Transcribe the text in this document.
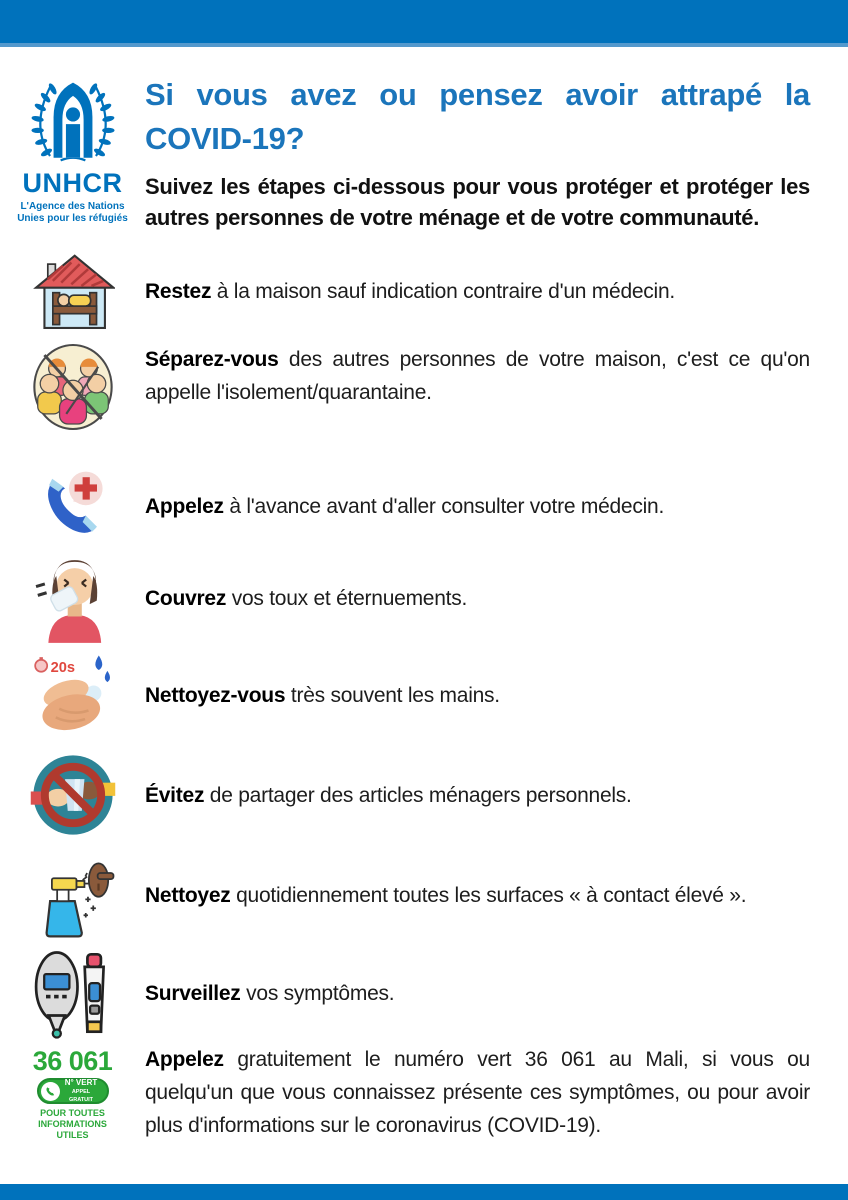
UNHCR
L'Agence des Nations
Unies pour les réfugiés
Si vous avez ou pensez avoir attrapé la COVID-19?
Suivez les étapes ci-dessous pour vous protéger et protéger les autres personnes de votre ménage et de votre communauté.
Restez à la maison sauf indication contraire d'un médecin.
Séparez-vous des autres personnes de votre maison, c'est ce qu'on appelle l'isolement/quarantaine.
Appelez à l'avance avant d'aller consulter votre médecin.
Couvrez vos toux et éternuements.
20s
Nettoyez-vous très souvent les mains.
Évitez de partager des articles ménagers personnels.
Nettoyez quotidiennement toutes les surfaces « à contact élevé ».
Surveillez vos symptômes.
36 061
N° VERT
APPEL GRATUIT
POUR TOUTES
INFORMATIONS UTILES
Appelez gratuitement le numéro vert 36 061 au Mali, si vous ou quelqu'un que vous connaissez présente ces symptômes, ou pour avoir plus d'informations sur le coronavirus (COVID-19).
